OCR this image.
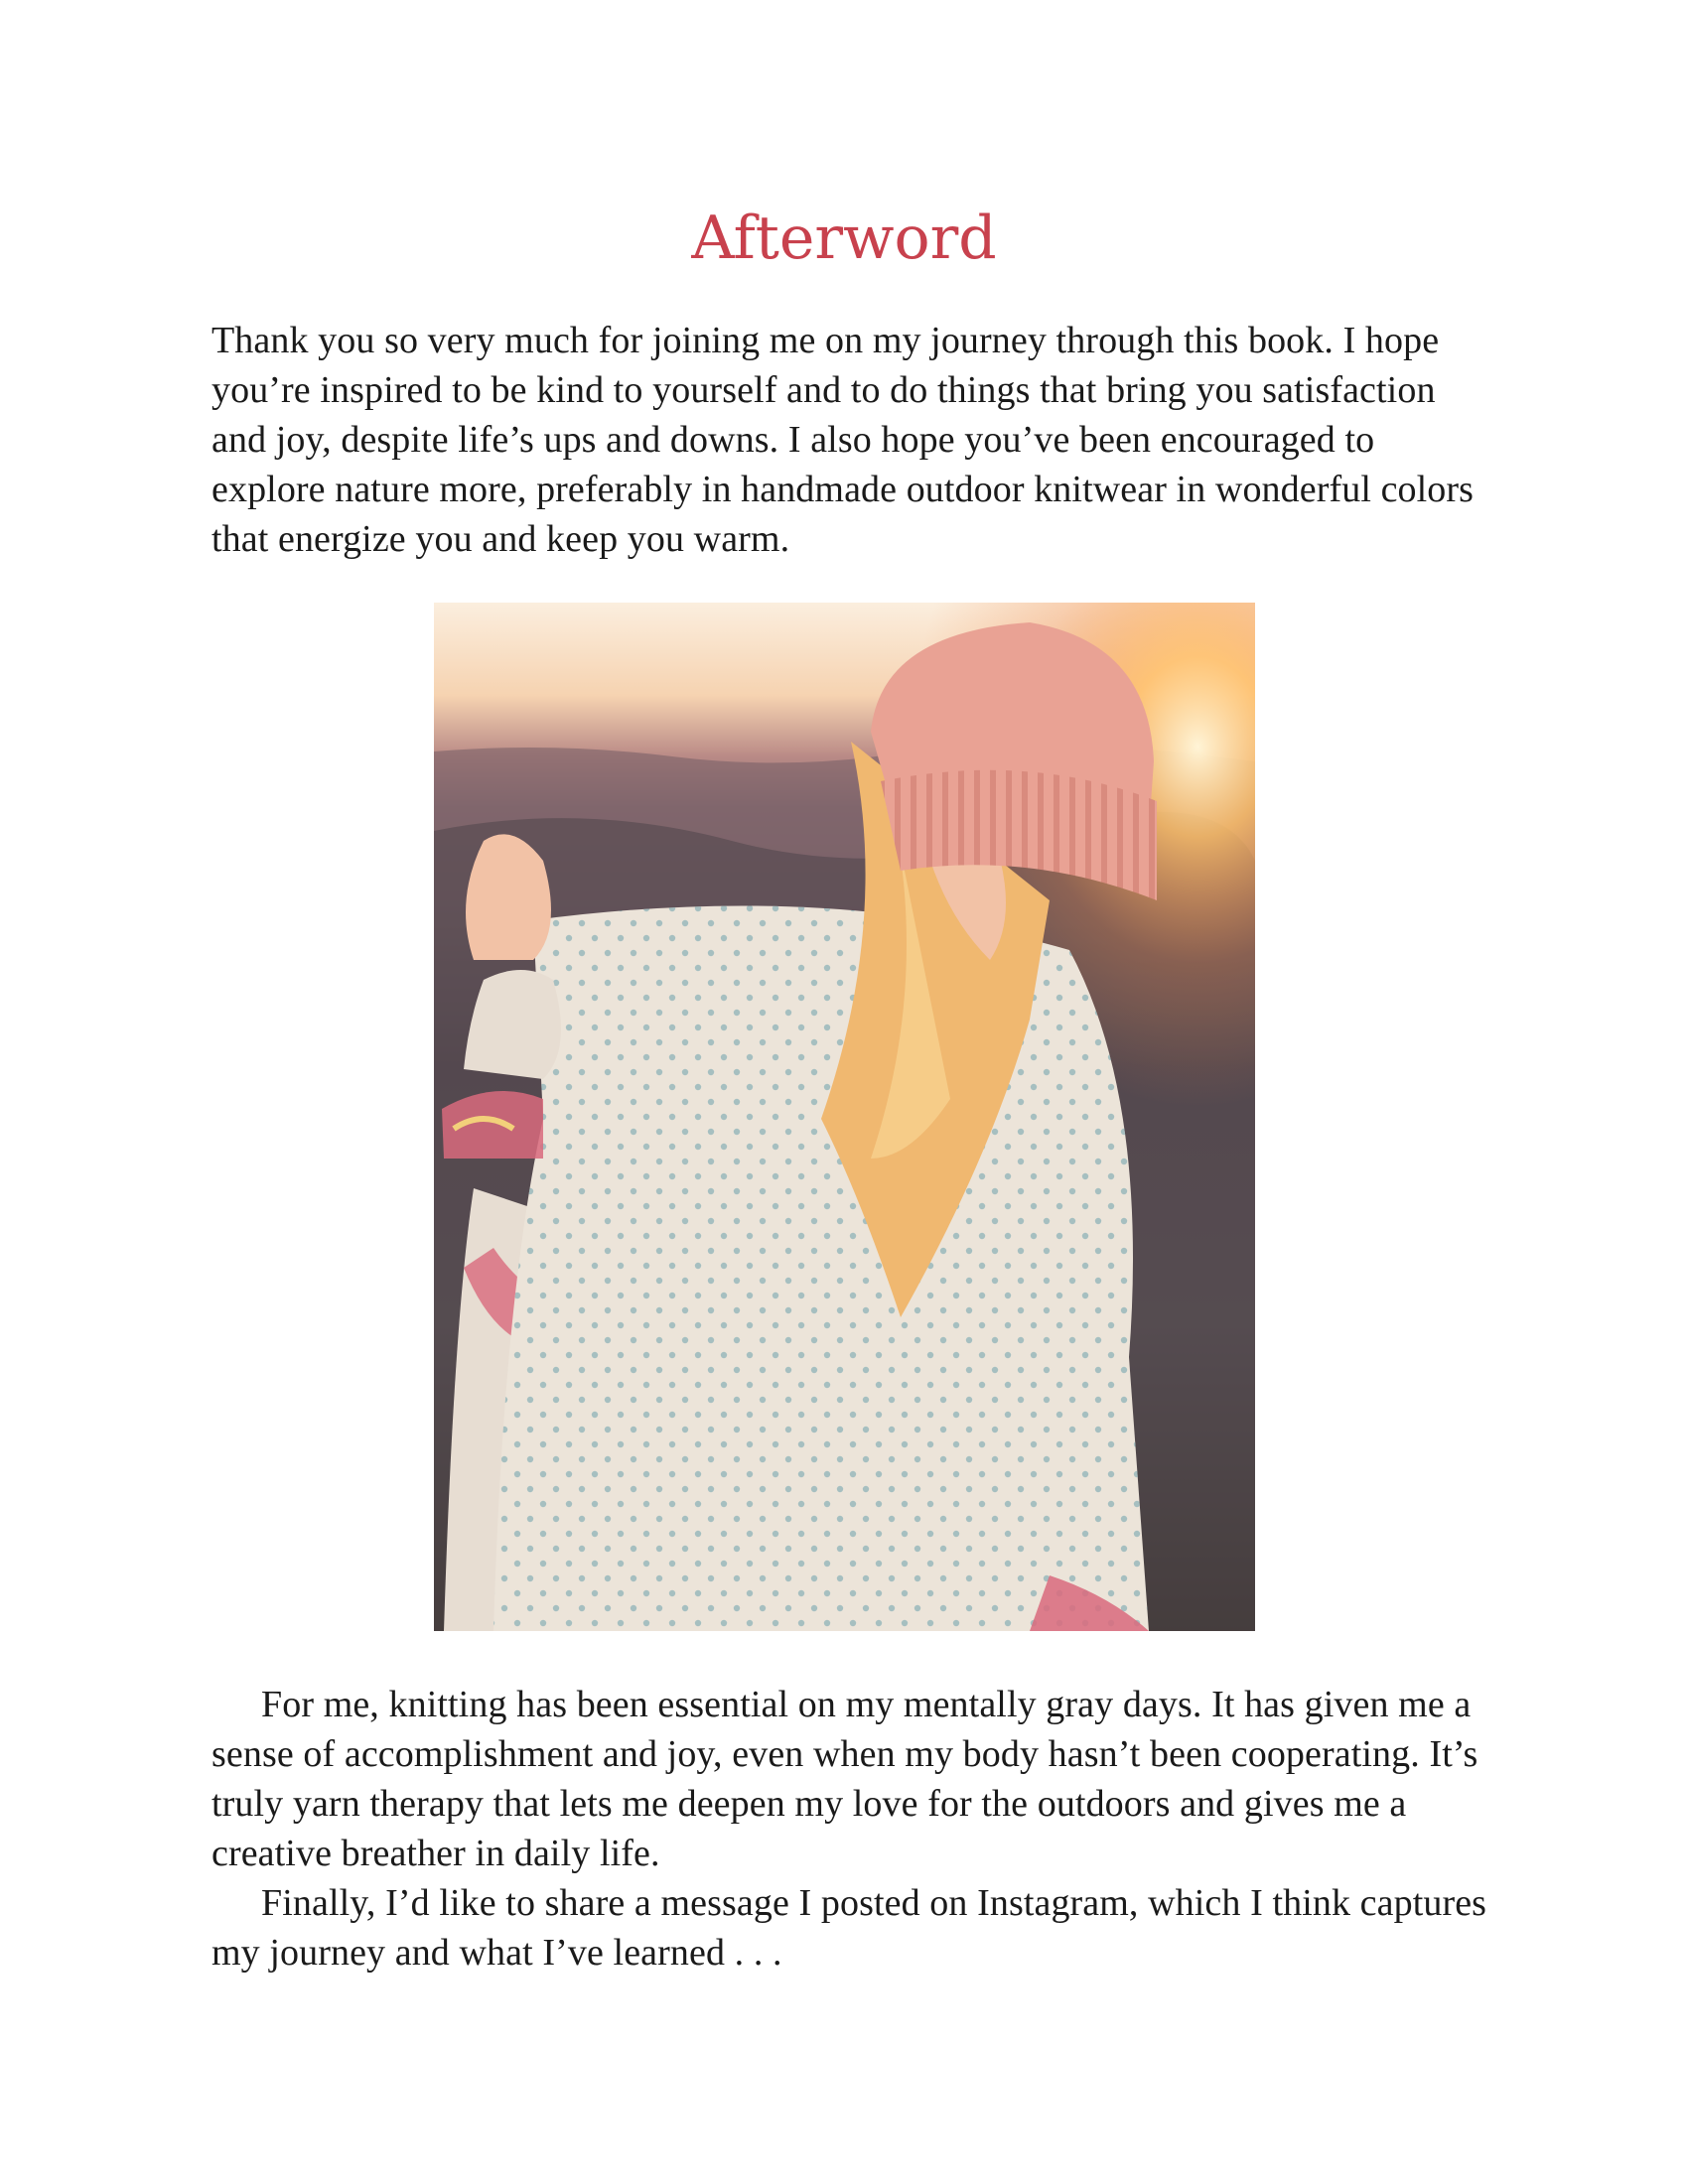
Afterword

Thank you so very much for joining me on my journey through this book. I hope you’re inspired to be kind to yourself and to do things that bring you satisfaction and joy, despite life’s ups and downs. I also hope you’ve been encouraged to explore nature more, preferably in handmade outdoor knitwear in wonderful colors that energize you and keep you warm.

For me, knitting has been essential on my mentally gray days. It has given me a sense of accomplishment and joy, even when my body hasn’t been cooperating. It’s truly yarn therapy that lets me deepen my love for the outdoors and gives me a creative breather in daily life.

Finally, I’d like to share a message I posted on Instagram, which I think captures my journey and what I’ve learned . . .
